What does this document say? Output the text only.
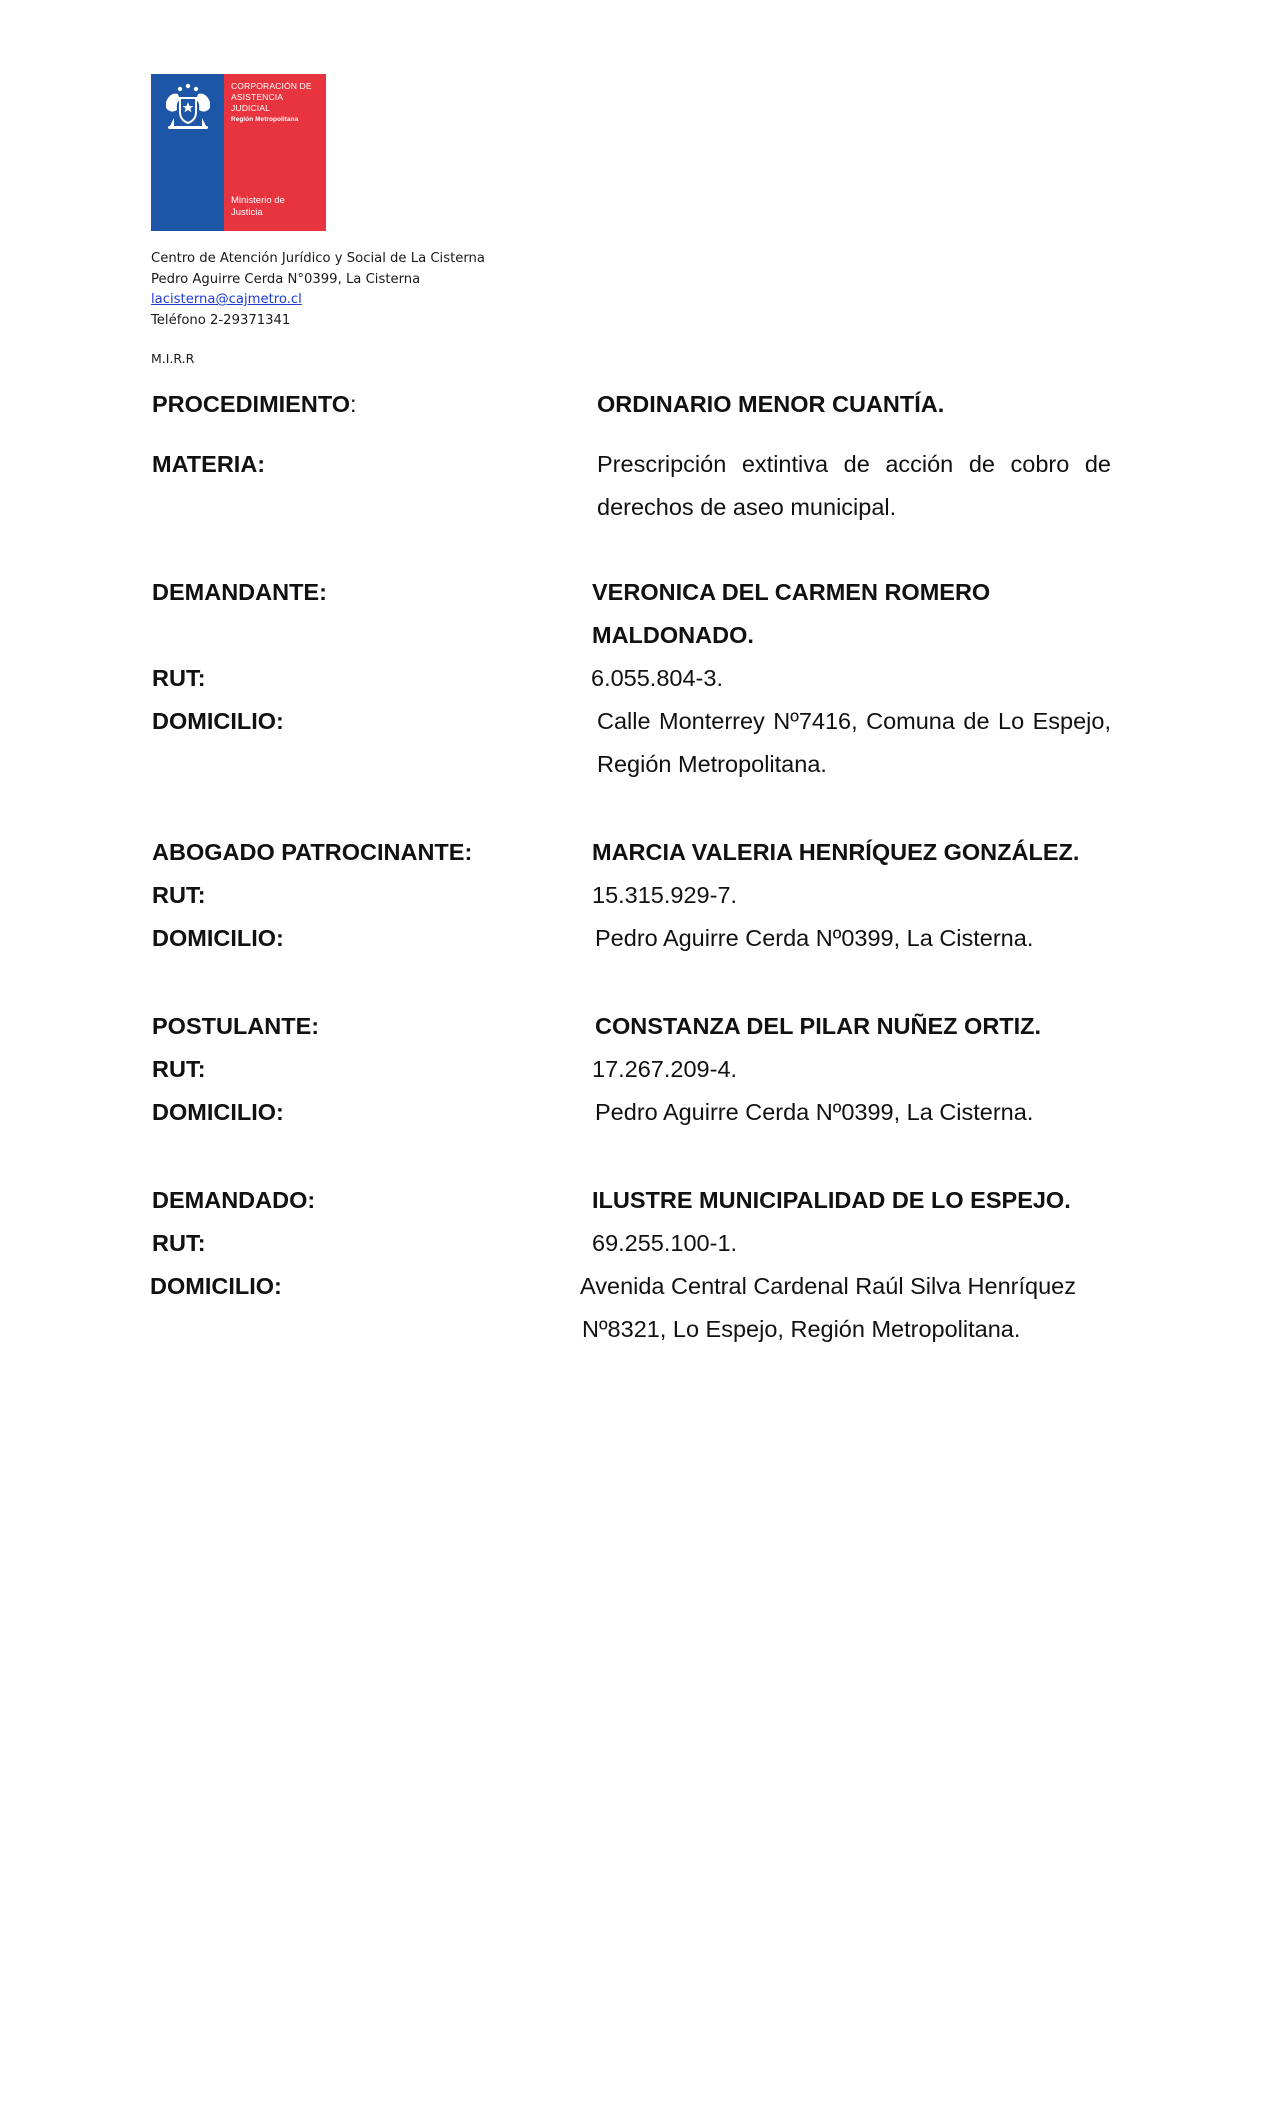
CORPORACIÓN DE
ASISTENCIA
JUDICIAL

Región Metropolitana
Ministerio de
Justicia
Centro de Atención Jurídico y Social de La Cisterna
Pedro Aguirre Cerda N°0399, La Cisterna
lacisterna@cajmetro.cl
Teléfono 2-29371341
M.I.R.R
PROCEDIMIENTO:	ORDINARIO MENOR CUANTÍA.
MATERIA:	Prescripción extintiva de acción de cobro de derechos de aseo municipal.
DEMANDANTE:	VERONICA DEL CARMEN ROMERO
MALDONADO.
RUT:	6.055.804-3.
DOMICILIO:	Calle Monterrey Nº7416, Comuna de Lo Espejo, Región Metropolitana.
ABOGADO PATROCINANTE:	MARCIA VALERIA HENRÍQUEZ GONZÁLEZ.
RUT:	15.315.929-7.
DOMICILIO:	Pedro Aguirre Cerda Nº0399, La Cisterna.
POSTULANTE:	CONSTANZA DEL PILAR NUÑEZ ORTIZ.
RUT:	17.267.209-4.
DOMICILIO:	Pedro Aguirre Cerda Nº0399, La Cisterna.
DEMANDADO:	ILUSTRE MUNICIPALIDAD DE LO ESPEJO.
RUT:	69.255.100-1.
DOMICILIO:	Avenida Central Cardenal Raúl Silva Henríquez
Nº8321, Lo Espejo, Región Metropolitana.
